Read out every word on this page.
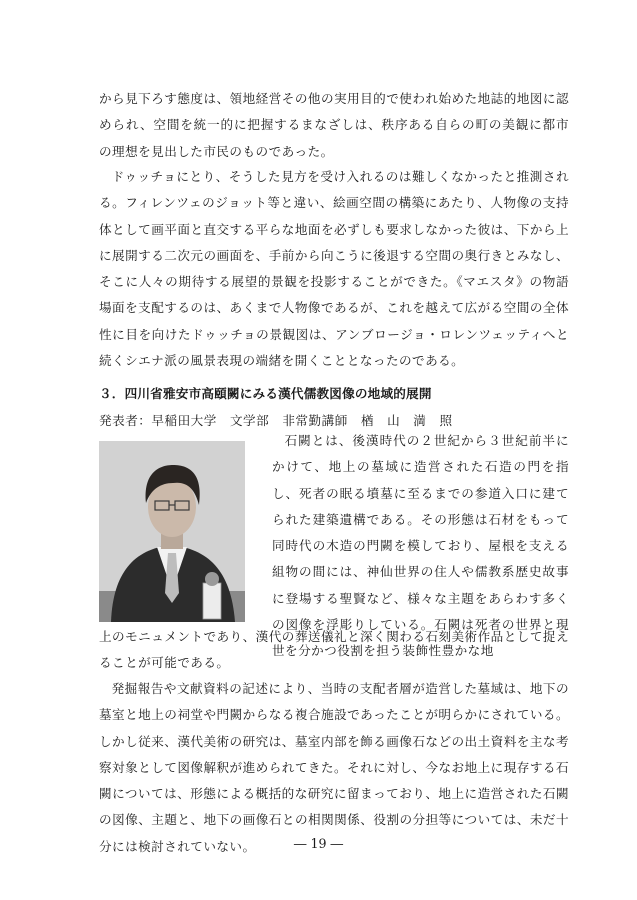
から見下ろす態度は、領地経営その他の実用目的で使われ始めた地誌的地図に認められ、空間を統一的に把握するまなざしは、秩序ある自らの町の美観に都市の理想を見出した市民のものであった。

ドゥッチョにとり、そうした見方を受け入れるのは難しくなかったと推測される。フィレンツェのジョット等と違い、絵画空間の構築にあたり、人物像の支持体として画平面と直交する平らな地面を必ずしも要求しなかった彼は、下から上に展開する二次元の画面を、手前から向こうに後退する空間の奥行きとみなし、そこに人々の期待する展望的景観を投影することができた。《マエスタ》の物語場面を支配するのは、あくまで人物像であるが、これを越えて広がる空間の全体性に目を向けたドゥッチョの景観図は、アンブロージョ・ロレンツェッティへと続くシエナ派の風景表現の端緒を開くこととなったのである。

３．四川省雅安市高頤闕にみる漢代儒教図像の地域的展開

発表者：早稲田大学　文学部　非常勤講師　楢　山　満　照

石闕とは、後漢時代の２世紀から３世紀前半にかけて、地上の墓域に造営された石造の門を指し、死者の眠る墳墓に至るまでの参道入口に建てられた建築遺構である。その形態は石材をもって同時代の木造の門闕を模しており、屋根を支える組物の間には、神仙世界の住人や儒教系歴史故事に登場する聖賢など、様々な主題をあらわす多くの図像を浮彫りしている。石闕は死者の世界と現世を分かつ役割を担う装飾性豊かな地

上のモニュメントであり、漢代の葬送儀礼と深く関わる石刻美術作品として捉えることが可能である。

発掘報告や文献資料の記述により、当時の支配者層が造営した墓域は、地下の墓室と地上の祠堂や門闕からなる複合施設であったことが明らかにされている。しかし従来、漢代美術の研究は、墓室内部を飾る画像石などの出土資料を主な考察対象として図像解釈が進められてきた。それに対し、今なお地上に現存する石闕については、形態による概括的な研究に留まっており、地上に造営された石闕の図像、主題と、地下の画像石との相関関係、役割の分担等については、未だ十分には検討されていない。	― 19 ―
